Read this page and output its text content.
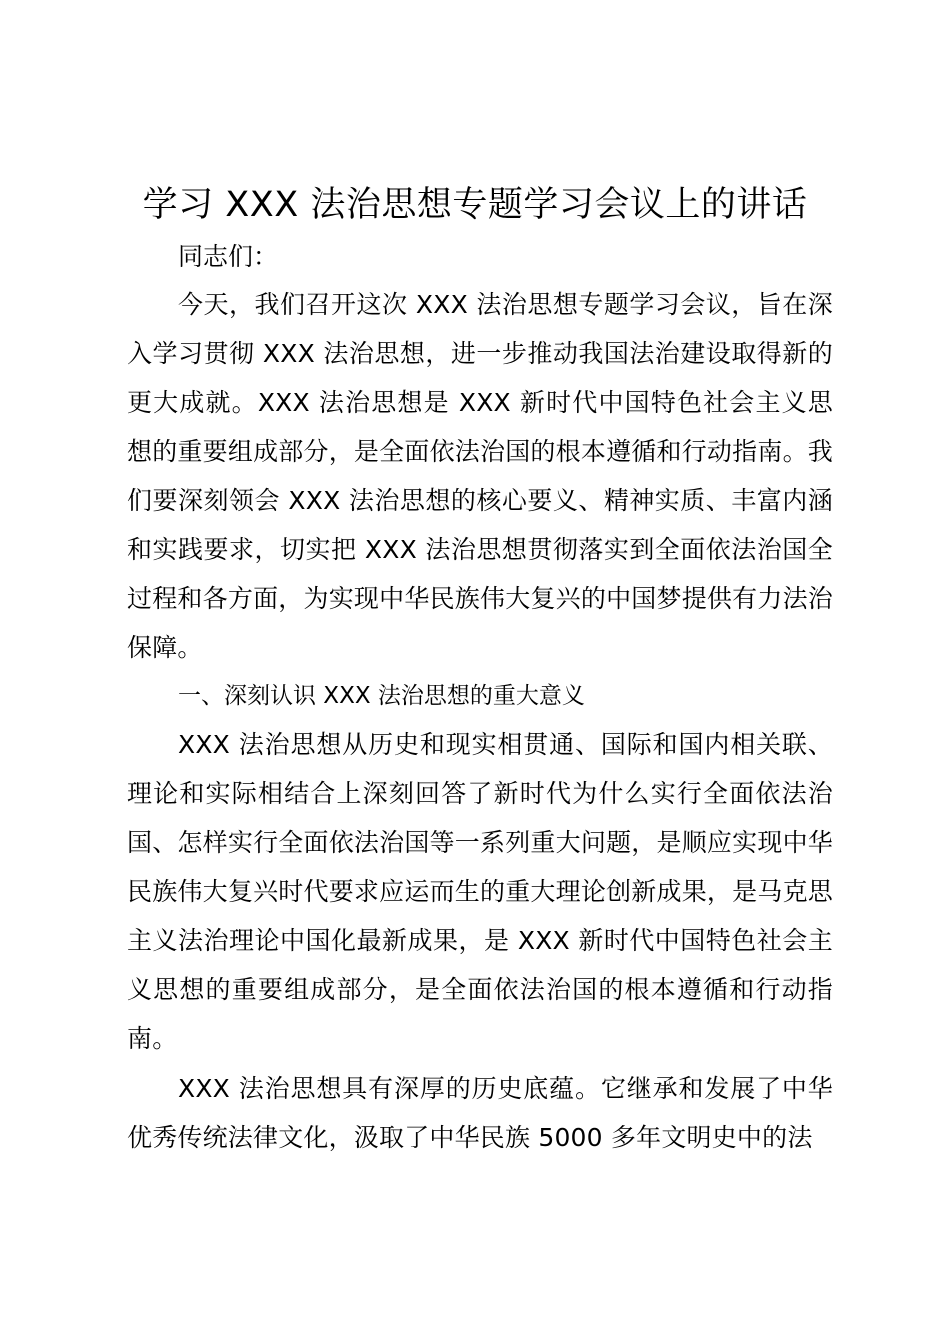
学习 XXX 法治思想专题学习会议上的讲话

同志们：

今天，我们召开这次 XXX 法治思想专题学习会议，旨在深入学习贯彻 XXX 法治思想，进一步推动我国法治建设取得新的更大成就。XXX 法治思想是 XXX 新时代中国特色社会主义思想的重要组成部分，是全面依法治国的根本遵循和行动指南。我们要深刻领会 XXX 法治思想的核心要义、精神实质、丰富内涵和实践要求，切实把 XXX 法治思想贯彻落实到全面依法治国全过程和各方面，为实现中华民族伟大复兴的中国梦提供有力法治保障。

一、深刻认识 XXX 法治思想的重大意义

XXX 法治思想从历史和现实相贯通、国际和国内相关联、理论和实际相结合上深刻回答了新时代为什么实行全面依法治国、怎样实行全面依法治国等一系列重大问题，是顺应实现中华民族伟大复兴时代要求应运而生的重大理论创新成果，是马克思主义法治理论中国化最新成果，是 XXX 新时代中国特色社会主义思想的重要组成部分，是全面依法治国的根本遵循和行动指南。

XXX 法治思想具有深厚的历史底蕴。它继承和发展了中华优秀传统法律文化，汲取了中华民族 5000 多年文明史中的法
